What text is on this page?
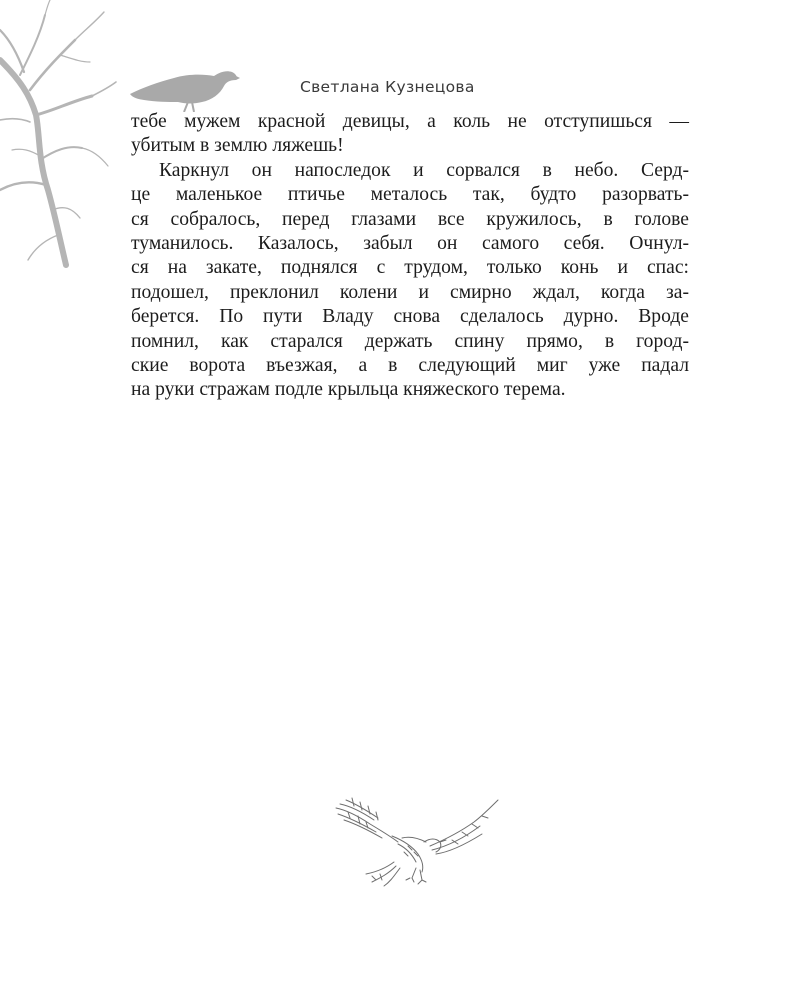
Светлана Кузнецова
тебе мужем красной девицы, а коль не отступишься —
убитым в землю ляжешь!
Каркнул он напоследок и сорвался в небо. Серд-
це маленькое птичье металось так, будто разорвать-
ся собралось, перед глазами все кружилось, в голове
туманилось. Казалось, забыл он самого себя. Очнул-
ся на закате, поднялся с трудом, только конь и спас:
подошел, преклонил колени и смирно ждал, когда за-
берется. По пути Владу снова сделалось дурно. Вроде
помнил, как старался держать спину прямо, в город-
ские ворота въезжая, а в следующий миг уже падал
на руки стражам подле крыльца княжеского терема.
